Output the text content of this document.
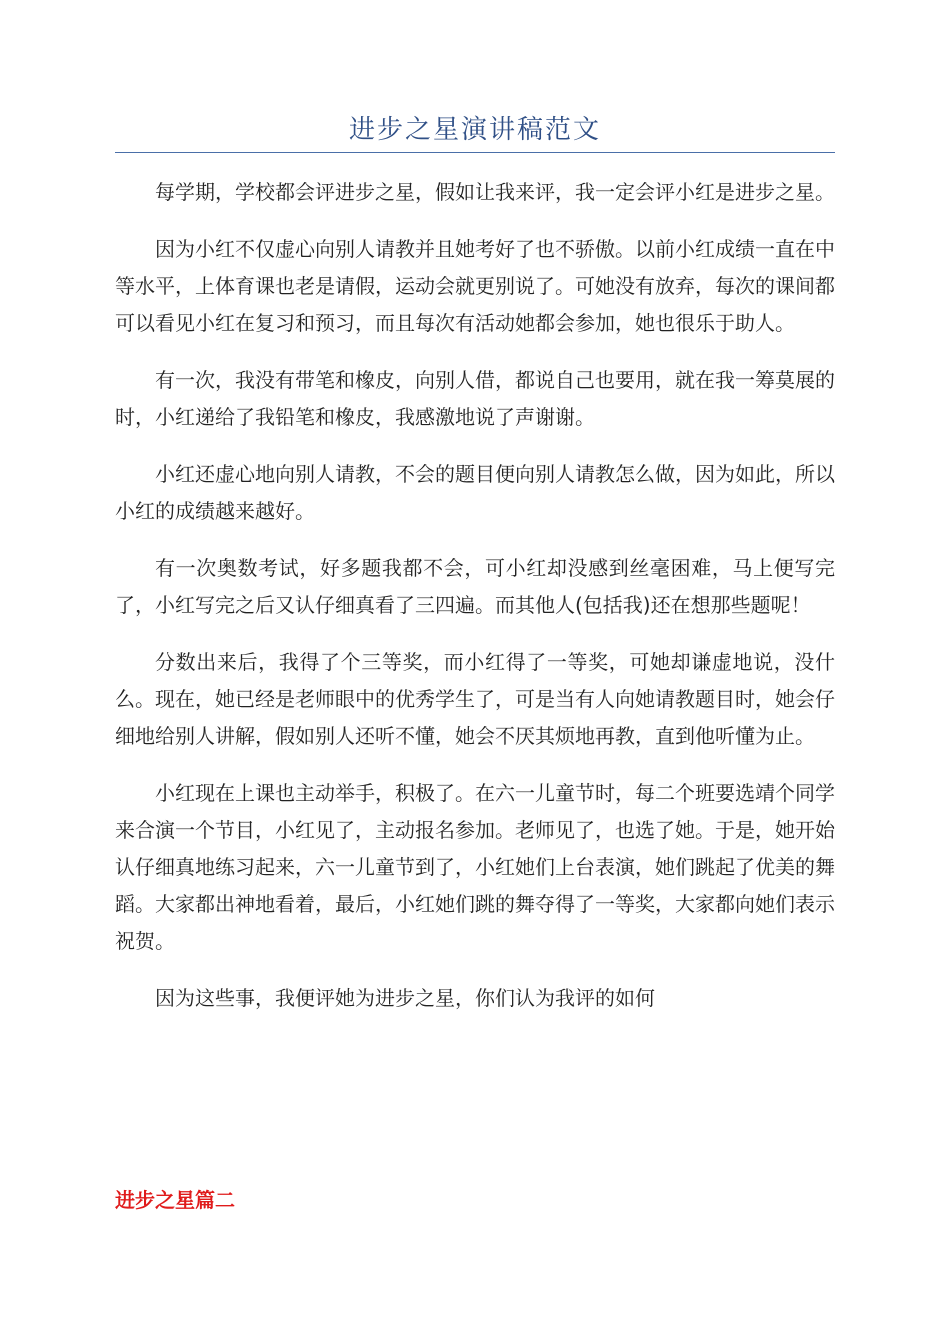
进步之星演讲稿范文

每学期，学校都会评进步之星，假如让我来评，我一定会评小红是进步之星。

因为小红不仅虚心向别人请教并且她考好了也不骄傲。以前小红成绩一直在中等水平，上体育课也老是请假，运动会就更别说了。可她没有放弃，每次的课间都可以看见小红在复习和预习，而且每次有活动她都会参加，她也很乐于助人。

有一次，我没有带笔和橡皮，向别人借，都说自己也要用，就在我一筹莫展的时，小红递给了我铅笔和橡皮，我感激地说了声谢谢。

小红还虚心地向别人请教，不会的题目便向别人请教怎么做，因为如此，所以小红的成绩越来越好。

有一次奥数考试，好多题我都不会，可小红却没感到丝毫困难，马上便写完了，小红写完之后又认仔细真看了三四遍。而其他人(包括我)还在想那些题呢！

分数出来后，我得了个三等奖，而小红得了一等奖，可她却谦虚地说，没什么。现在，她已经是老师眼中的优秀学生了，可是当有人向她请教题目时，她会仔细地给别人讲解，假如别人还听不懂，她会不厌其烦地再教，直到他听懂为止。

小红现在上课也主动举手，积极了。在六一儿童节时，每二个班要选靖个同学来合演一个节目，小红见了，主动报名参加。老师见了，也选了她。于是，她开始认仔细真地练习起来，六一儿童节到了，小红她们上台表演，她们跳起了优美的舞蹈。大家都出神地看着，最后，小红她们跳的舞夺得了一等奖，大家都向她们表示祝贺。

因为这些事，我便评她为进步之星，你们认为我评的如何

进步之星篇二
